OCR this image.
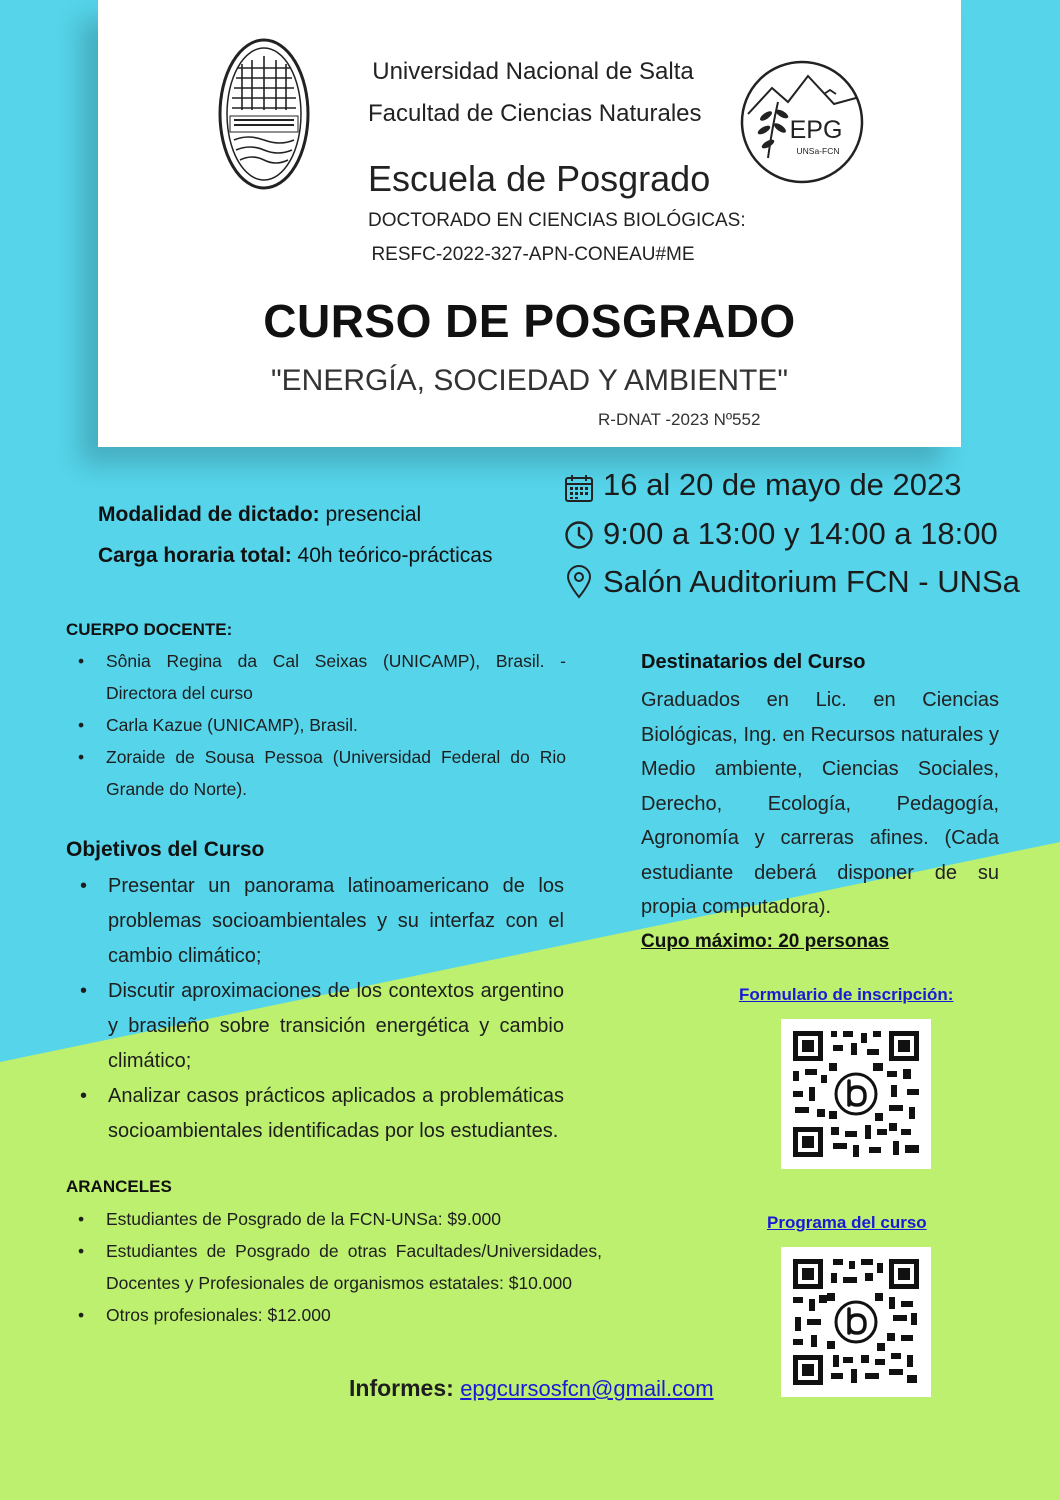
Universidad Nacional de Salta
Facultad de Ciencias Naturales
Escuela de Posgrado
DOCTORADO EN CIENCIAS BIOLÓGICAS:
RESFC-2022-327-APN-CONEAU#ME
EPG
UNSa-FCN
CURSO DE POSGRADO
"ENERGÍA, SOCIEDAD Y AMBIENTE"
R-DNAT -2023 Nº552
Modalidad de dictado: presencial
Carga horaria total: 40h teórico-prácticas
16 al 20 de mayo de 2023
9:00 a 13:00 y 14:00 a 18:00
Salón Auditorium FCN - UNSa
CUERPO DOCENTE:
• Sônia Regina da Cal Seixas (UNICAMP), Brasil. - Directora del curso
• Carla Kazue (UNICAMP), Brasil.
• Zoraide de Sousa Pessoa (Universidad Federal do Rio Grande do Norte).
Objetivos del Curso
• Presentar un panorama latinoamericano de los problemas socioambientales y su interfaz con el cambio climático;
• Discutir aproximaciones de los contextos argentino y brasileño sobre transición energética y cambio climático;
• Analizar casos prácticos aplicados a problemáticas socioambientales identificadas por los estudiantes.
ARANCELES
• Estudiantes de Posgrado de la FCN-UNSa: $9.000
• Estudiantes de Posgrado de otras Facultades/Universidades, Docentes y Profesionales de organismos estatales: $10.000
• Otros profesionales: $12.000
Destinatarios del Curso
Graduados en Lic. en Ciencias Biológicas, Ing. en Recursos naturales y Medio ambiente, Ciencias Sociales, Derecho, Ecología, Pedagogía, Agronomía y carreras afines. (Cada estudiante deberá disponer de su propia computadora).
Cupo máximo: 20 personas
Formulario de inscripción:
Programa del curso
Informes: epgcursosfcn@gmail.com
